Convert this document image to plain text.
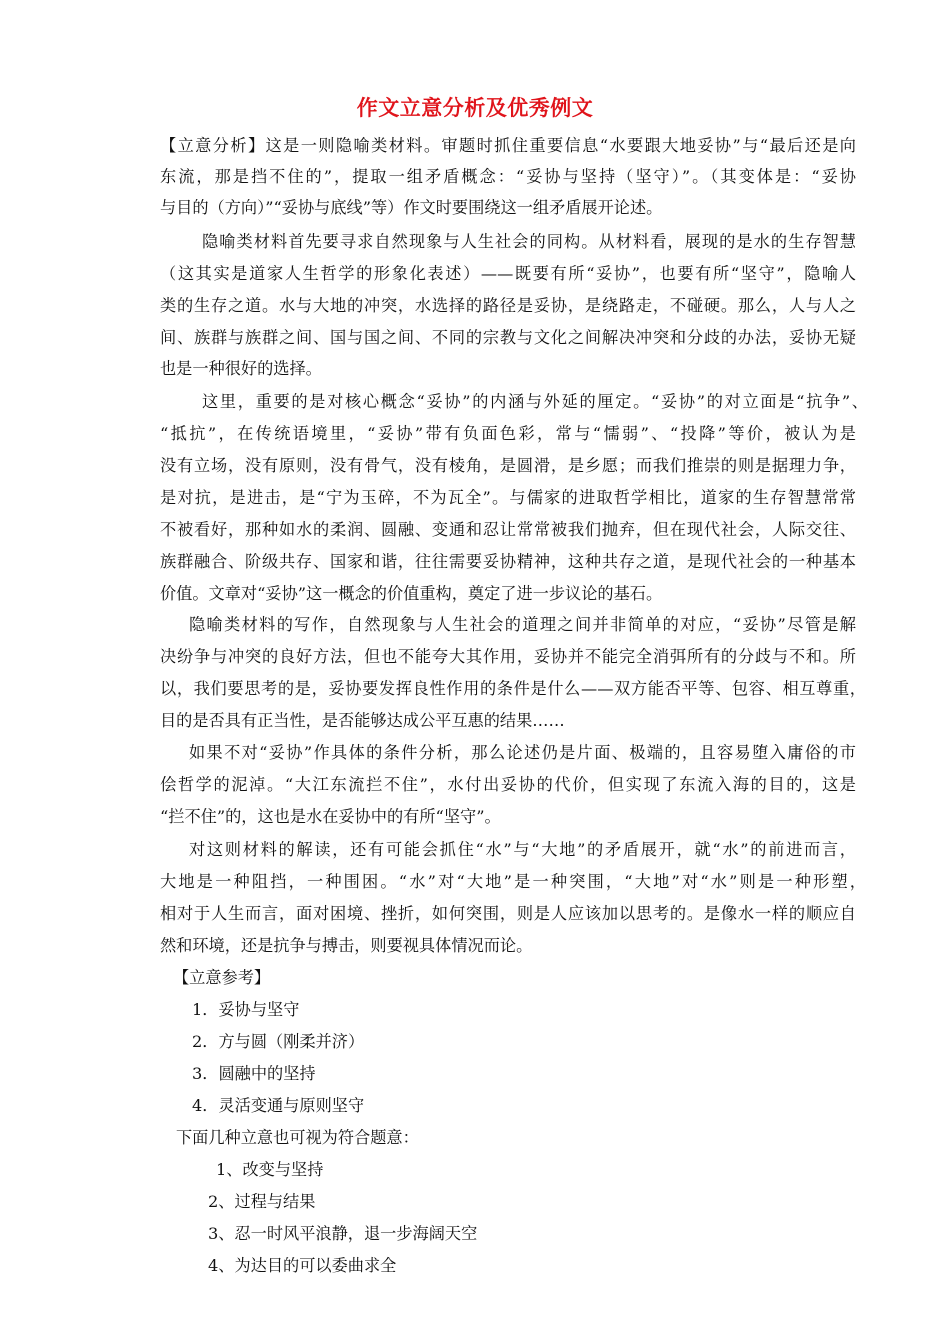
作文立意分析及优秀例文
【立意分析】这是一则隐喻类材料。审题时抓住重要信息“水要跟大地妥协”与“最后还是向
东流，那是挡不住的”，提取一组矛盾概念：“妥协与坚持（坚守）”。（其变体是：“妥协
与目的（方向）”“妥协与底线”等）作文时要围绕这一组矛盾展开论述。
隐喻类材料首先要寻求自然现象与人生社会的同构。从材料看，展现的是水的生存智慧
（这其实是道家人生哲学的形象化表述）——既要有所“妥协”，也要有所“坚守”，隐喻人
类的生存之道。水与大地的冲突，水选择的路径是妥协，是绕路走，不碰硬。那么，人与人之
间、族群与族群之间、国与国之间、不同的宗教与文化之间解决冲突和分歧的办法，妥协无疑
也是一种很好的选择。
这里，重要的是对核心概念“妥协”的内涵与外延的厘定。“妥协”的对立面是“抗争”、
“抵抗”，在传统语境里，“妥协”带有负面色彩，常与“懦弱”、“投降”等价，被认为是
没有立场，没有原则，没有骨气，没有棱角，是圆滑，是乡愿；而我们推崇的则是据理力争，
是对抗，是进击，是“宁为玉碎，不为瓦全”。与儒家的进取哲学相比，道家的生存智慧常常
不被看好，那种如水的柔润、圆融、变通和忍让常常被我们抛弃，但在现代社会，人际交往、
族群融合、阶级共存、国家和谐，往往需要妥协精神，这种共存之道，是现代社会的一种基本
价值。文章对“妥协”这一概念的价值重构，奠定了进一步议论的基石。
隐喻类材料的写作，自然现象与人生社会的道理之间并非简单的对应，“妥协”尽管是解
决纷争与冲突的良好方法，但也不能夸大其作用，妥协并不能完全消弭所有的分歧与不和。所
以，我们要思考的是，妥协要发挥良性作用的条件是什么——双方能否平等、包容、相互尊重，
目的是否具有正当性，是否能够达成公平互惠的结果……
如果不对“妥协”作具体的条件分析，那么论述仍是片面、极端的，且容易堕入庸俗的市
侩哲学的泥淖。“大江东流拦不住”，水付出妥协的代价，但实现了东流入海的目的，这是
“拦不住”的，这也是水在妥协中的有所“坚守”。
对这则材料的解读，还有可能会抓住“水”与“大地”的矛盾展开，就“水”的前进而言，
大地是一种阻挡，一种围困。“水”对“大地”是一种突围，“大地”对“水”则是一种形塑，
相对于人生而言，面对困境、挫折，如何突围，则是人应该加以思考的。是像水一样的顺应自
然和环境，还是抗争与搏击，则要视具体情况而论。
【立意参考】
1．妥协与坚守
2．方与圆（刚柔并济）
3．圆融中的坚持
4．灵活变通与原则坚守
下面几种立意也可视为符合题意：
1、改变与坚持
2、过程与结果
3、忍一时风平浪静，退一步海阔天空
4、为达目的可以委曲求全
